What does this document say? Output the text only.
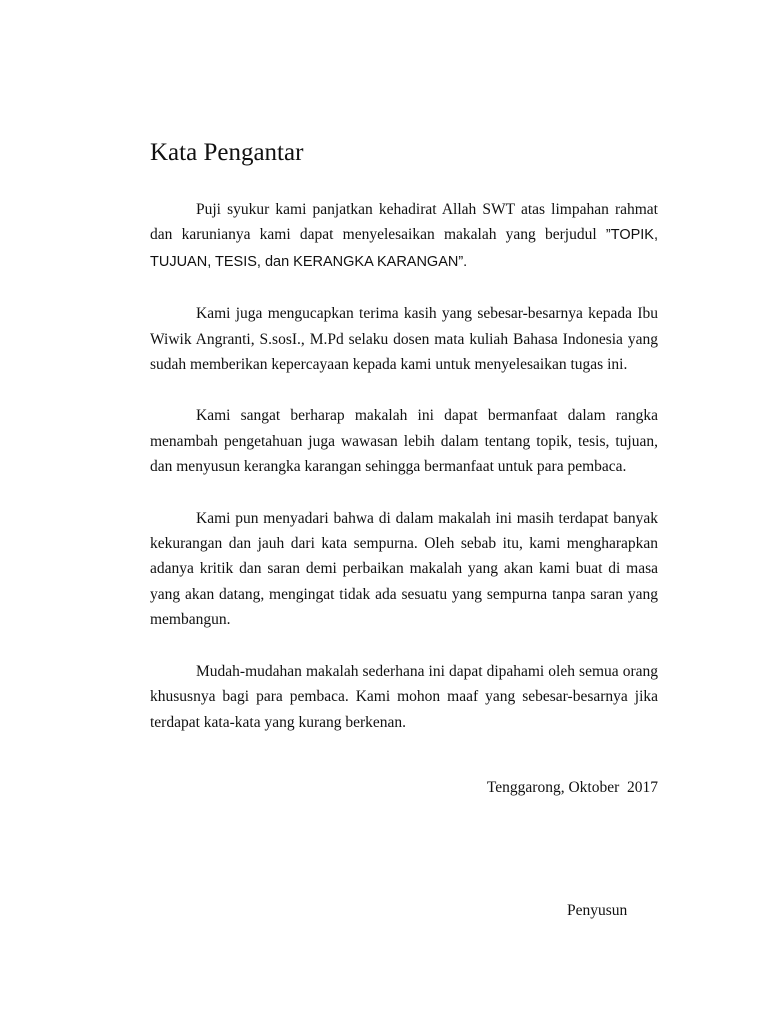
Kata Pengantar

Puji syukur kami panjatkan kehadirat Allah SWT atas limpahan rahmat dan karunianya kami dapat menyelesaikan makalah yang berjudul ”TOPIK, TUJUAN, TESIS, dan KERANGKA KARANGAN”.

Kami juga mengucapkan terima kasih yang sebesar-besarnya kepada Ibu Wiwik Angranti, S.sosI., M.Pd selaku dosen mata kuliah Bahasa Indonesia yang sudah memberikan kepercayaan kepada kami untuk menyelesaikan tugas ini.

Kami sangat berharap makalah ini dapat bermanfaat dalam rangka menambah pengetahuan juga wawasan lebih dalam tentang topik, tesis, tujuan, dan menyusun kerangka karangan sehingga bermanfaat untuk para pembaca.

Kami pun menyadari bahwa di dalam makalah ini masih terdapat banyak kekurangan dan jauh dari kata sempurna. Oleh sebab itu, kami mengharapkan adanya kritik dan saran demi perbaikan makalah yang akan kami buat di masa yang akan datang, mengingat tidak ada sesuatu yang sempurna tanpa saran yang membangun.

Mudah-mudahan makalah sederhana ini dapat dipahami oleh semua orang khususnya bagi para pembaca. Kami mohon maaf yang sebesar-besarnya jika terdapat kata-kata yang kurang berkenan.

Tenggarong, Oktober  2017
Penyusun
